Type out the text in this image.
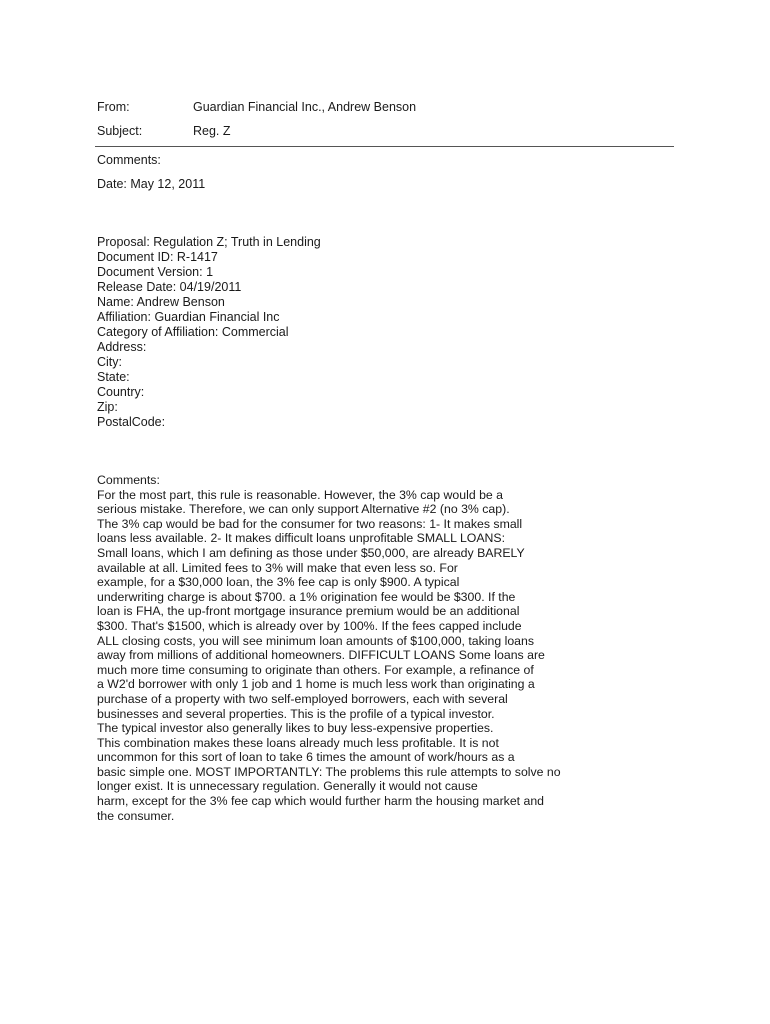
From:	Guardian Financial Inc., Andrew Benson
Subject:	Reg. Z
Comments:
Date: May 12, 2011
Proposal: Regulation Z; Truth in Lending
Document ID: R-1417
Document Version: 1
Release Date: 04/19/2011
Name: Andrew Benson
Affiliation: Guardian Financial Inc
Category of Affiliation: Commercial
Address:
City:
State:
Country:
Zip:
PostalCode:
Comments:
For the most part, this rule is reasonable. However, the 3% cap would be a
serious mistake. Therefore, we can only support Alternative #2 (no 3% cap).
The 3% cap would be bad for the consumer for two reasons: 1- It makes small
loans less available. 2- It makes difficult loans unprofitable SMALL LOANS:
Small loans, which I am defining as those under $50,000, are already BARELY
available at all. Limited fees to 3% will make that even less so. For
example, for a $30,000 loan, the 3% fee cap is only $900. A typical
underwriting charge is about $700. a 1% origination fee would be $300. If the
loan is FHA, the up-front mortgage insurance premium would be an additional
$300. That's $1500, which is already over by 100%. If the fees capped include
ALL closing costs, you will see minimum loan amounts of $100,000, taking loans
away from millions of additional homeowners. DIFFICULT LOANS Some loans are
much more time consuming to originate than others. For example, a refinance of
a W2'd borrower with only 1 job and 1 home is much less work than originating a
purchase of a property with two self-employed borrowers, each with several
businesses and several properties. This is the profile of a typical investor.
The typical investor also generally likes to buy less-expensive properties.
This combination makes these loans already much less profitable. It is not
uncommon for this sort of loan to take 6 times the amount of work/hours as a
basic simple one. MOST IMPORTANTLY: The problems this rule attempts to solve no
longer exist. It is unnecessary regulation. Generally it would not cause
harm, except for the 3% fee cap which would further harm the housing market and
the consumer.
